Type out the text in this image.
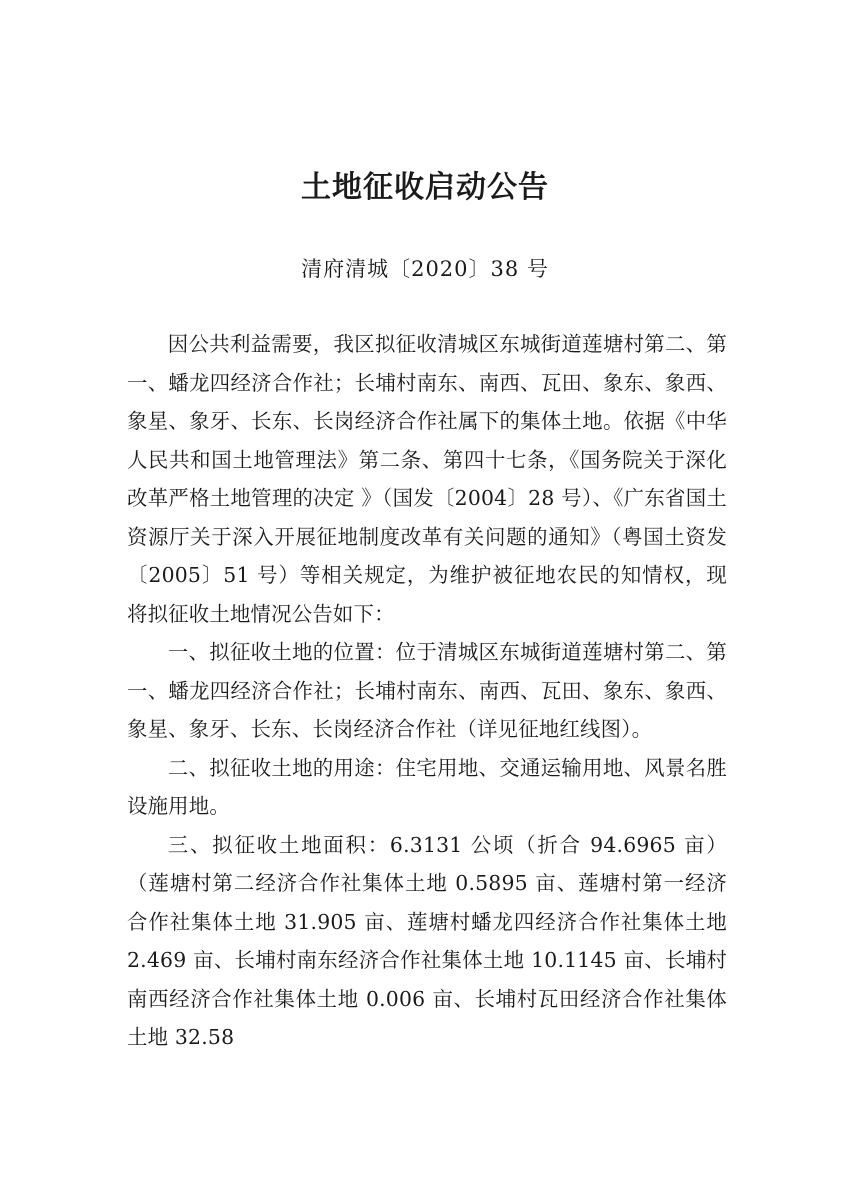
土地征收启动公告
清府清城〔2020〕38 号

因公共利益需要，我区拟征收清城区东城街道莲塘村第二、第一、蟠龙四经济合作社；长埔村南东、南西、瓦田、象东、象西、象星、象牙、长东、长岗经济合作社属下的集体土地。依据《中华人民共和国土地管理法》第二条、第四十七条，《国务院关于深化改革严格土地管理的决定 》（国发〔2004〕28 号）、《广东省国土资源厅关于深入开展征地制度改革有关问题的通知》（粤国土资发〔2005〕51 号）等相关规定，为维护被征地农民的知情权，现将拟征收土地情况公告如下：

一、拟征收土地的位置：位于清城区东城街道莲塘村第二、第一、蟠龙四经济合作社；长埔村南东、南西、瓦田、象东、象西、象星、象牙、长东、长岗经济合作社（详见征地红线图）。

二、拟征收土地的用途：住宅用地、交通运输用地、风景名胜设施用地。

三、拟征收土地面积：6.3131 公顷（折合 94.6965 亩）（莲塘村第二经济合作社集体土地 0.5895 亩、莲塘村第一经济合作社集体土地 31.905 亩、莲塘村蟠龙四经济合作社集体土地 2.469 亩、长埔村南东经济合作社集体土地 10.1145 亩、长埔村南西经济合作社集体土地 0.006 亩、长埔村瓦田经济合作社集体土地 32.58
